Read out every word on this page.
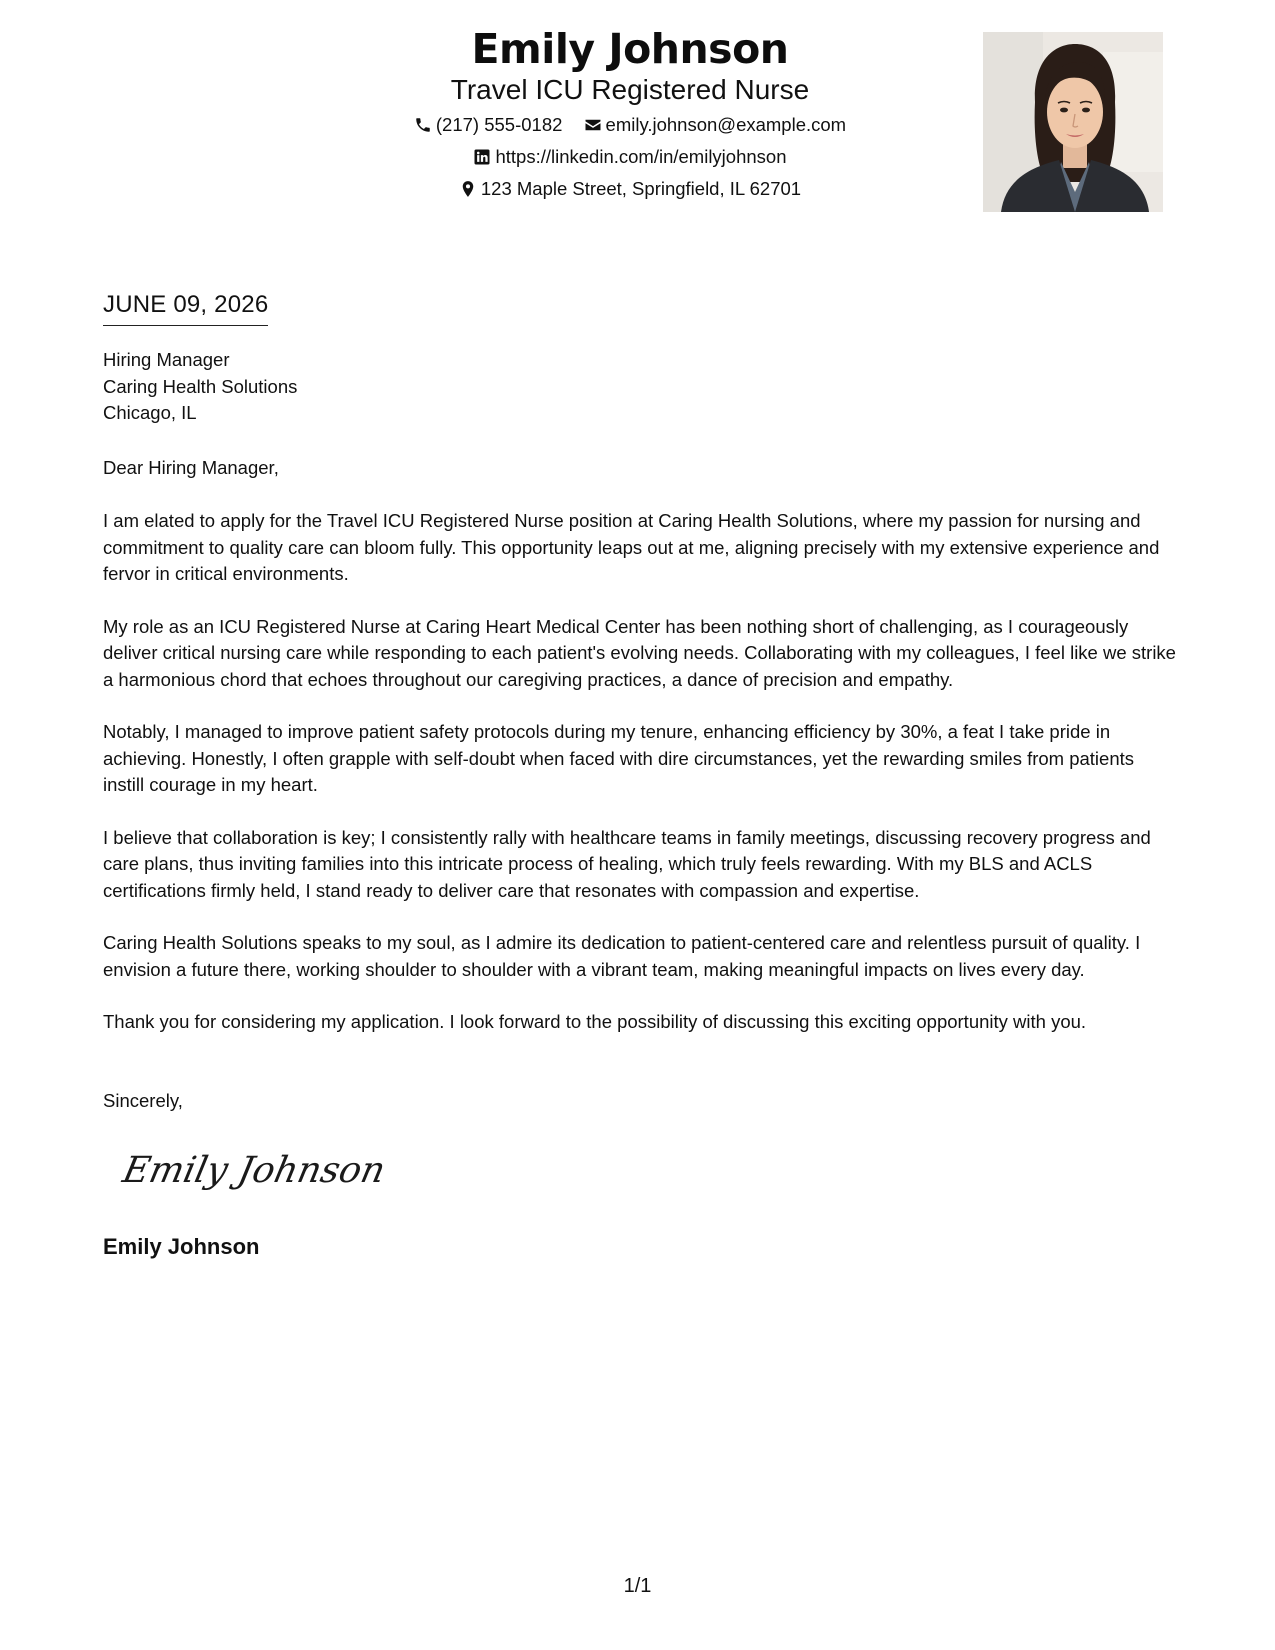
Emily Johnson
Travel ICU Registered Nurse
(217) 555-0182
emily.johnson@example.com
https://linkedin.com/in/emilyjohnson
123 Maple Street, Springfield, IL 62701
JUNE 09, 2026
Hiring Manager
Caring Health Solutions
Chicago, IL
Dear Hiring Manager,

I am elated to apply for the Travel ICU Registered Nurse position at Caring Health Solutions, where my passion for nursing and commitment to quality care can bloom fully. This opportunity leaps out at me, aligning precisely with my extensive experience and fervor in critical environments.

My role as an ICU Registered Nurse at Caring Heart Medical Center has been nothing short of challenging, as I courageously deliver critical nursing care while responding to each patient's evolving needs. Collaborating with my colleagues, I feel like we strike a harmonious chord that echoes throughout our caregiving practices, a dance of precision and empathy.

Notably, I managed to improve patient safety protocols during my tenure, enhancing efficiency by 30%, a feat I take pride in achieving. Honestly, I often grapple with self-doubt when faced with dire circumstances, yet the rewarding smiles from patients instill courage in my heart.

I believe that collaboration is key; I consistently rally with healthcare teams in family meetings, discussing recovery progress and care plans, thus inviting families into this intricate process of healing, which truly feels rewarding. With my BLS and ACLS certifications firmly held, I stand ready to deliver care that resonates with compassion and expertise.

Caring Health Solutions speaks to my soul, as I admire its dedication to patient-centered care and relentless pursuit of quality. I envision a future there, working shoulder to shoulder with a vibrant team, making meaningful impacts on lives every day.

Thank you for considering my application. I look forward to the possibility of discussing this exciting opportunity with you.

Sincerely,
Emily Johnson
Emily Johnson
1/1
